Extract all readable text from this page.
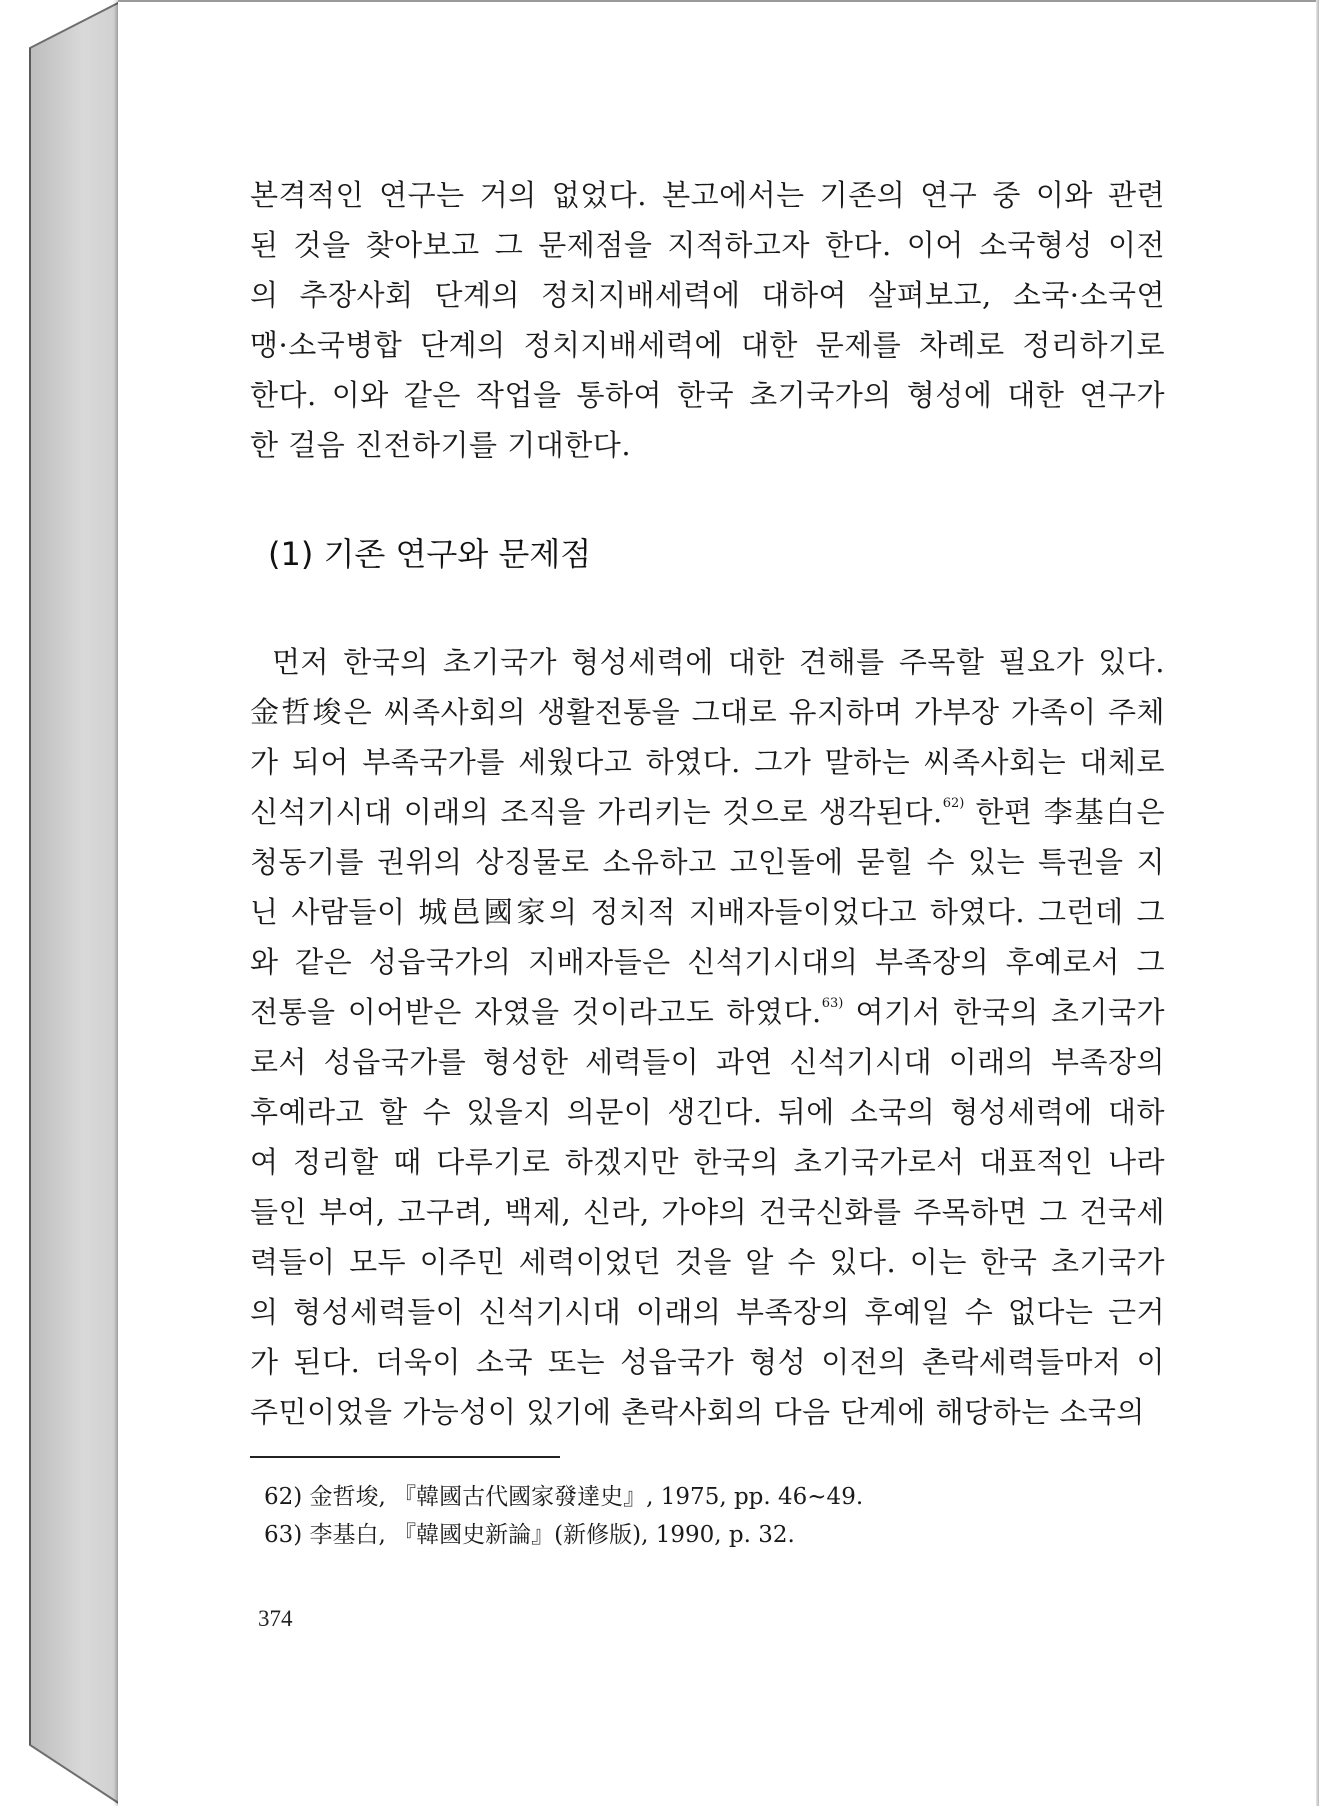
본격적인 연구는 거의 없었다. 본고에서는 기존의 연구 중 이와 관련
된 것을 찾아보고 그 문제점을 지적하고자 한다. 이어 소국형성 이전
의 추장사회 단계의 정치지배세력에 대하여 살펴보고, 소국·소국연
맹·소국병합 단계의 정치지배세력에 대한 문제를 차례로 정리하기로
한다. 이와 같은 작업을 통하여 한국 초기국가의 형성에 대한 연구가
한 걸음 진전하기를 기대한다.
(1) 기존 연구와 문제점
먼저 한국의 초기국가 형성세력에 대한 견해를 주목할 필요가 있다.
金哲埈은 씨족사회의 생활전통을 그대로 유지하며 가부장 가족이 주체
가 되어 부족국가를 세웠다고 하였다. 그가 말하는 씨족사회는 대체로
신석기시대 이래의 조직을 가리키는 것으로 생각된다.$^{62)}$ 한편 李基白은
청동기를 권위의 상징물로 소유하고 고인돌에 묻힐 수 있는 특권을 지
닌 사람들이 城邑國家의 정치적 지배자들이었다고 하였다. 그런데 그
와 같은 성읍국가의 지배자들은 신석기시대의 부족장의 후예로서 그
전통을 이어받은 자였을 것이라고도 하였다.$^{63)}$ 여기서 한국의 초기국가
로서 성읍국가를 형성한 세력들이 과연 신석기시대 이래의 부족장의
후예라고 할 수 있을지 의문이 생긴다. 뒤에 소국의 형성세력에 대하
여 정리할 때 다루기로 하겠지만 한국의 초기국가로서 대표적인 나라
들인 부여, 고구려, 백제, 신라, 가야의 건국신화를 주목하면 그 건국세
력들이 모두 이주민 세력이었던 것을 알 수 있다. 이는 한국 초기국가
의 형성세력들이 신석기시대 이래의 부족장의 후예일 수 없다는 근거
가 된다. 더욱이 소국 또는 성읍국가 형성 이전의 촌락세력들마저 이
주민이었을 가능성이 있기에 촌락사회의 다음 단계에 해당하는 소국의
62) 金哲埈, 『韓國古代國家發達史』, 1975, pp. 46~49.
63) 李基白, 『韓國史新論』(新修版), 1990, p. 32.
374
